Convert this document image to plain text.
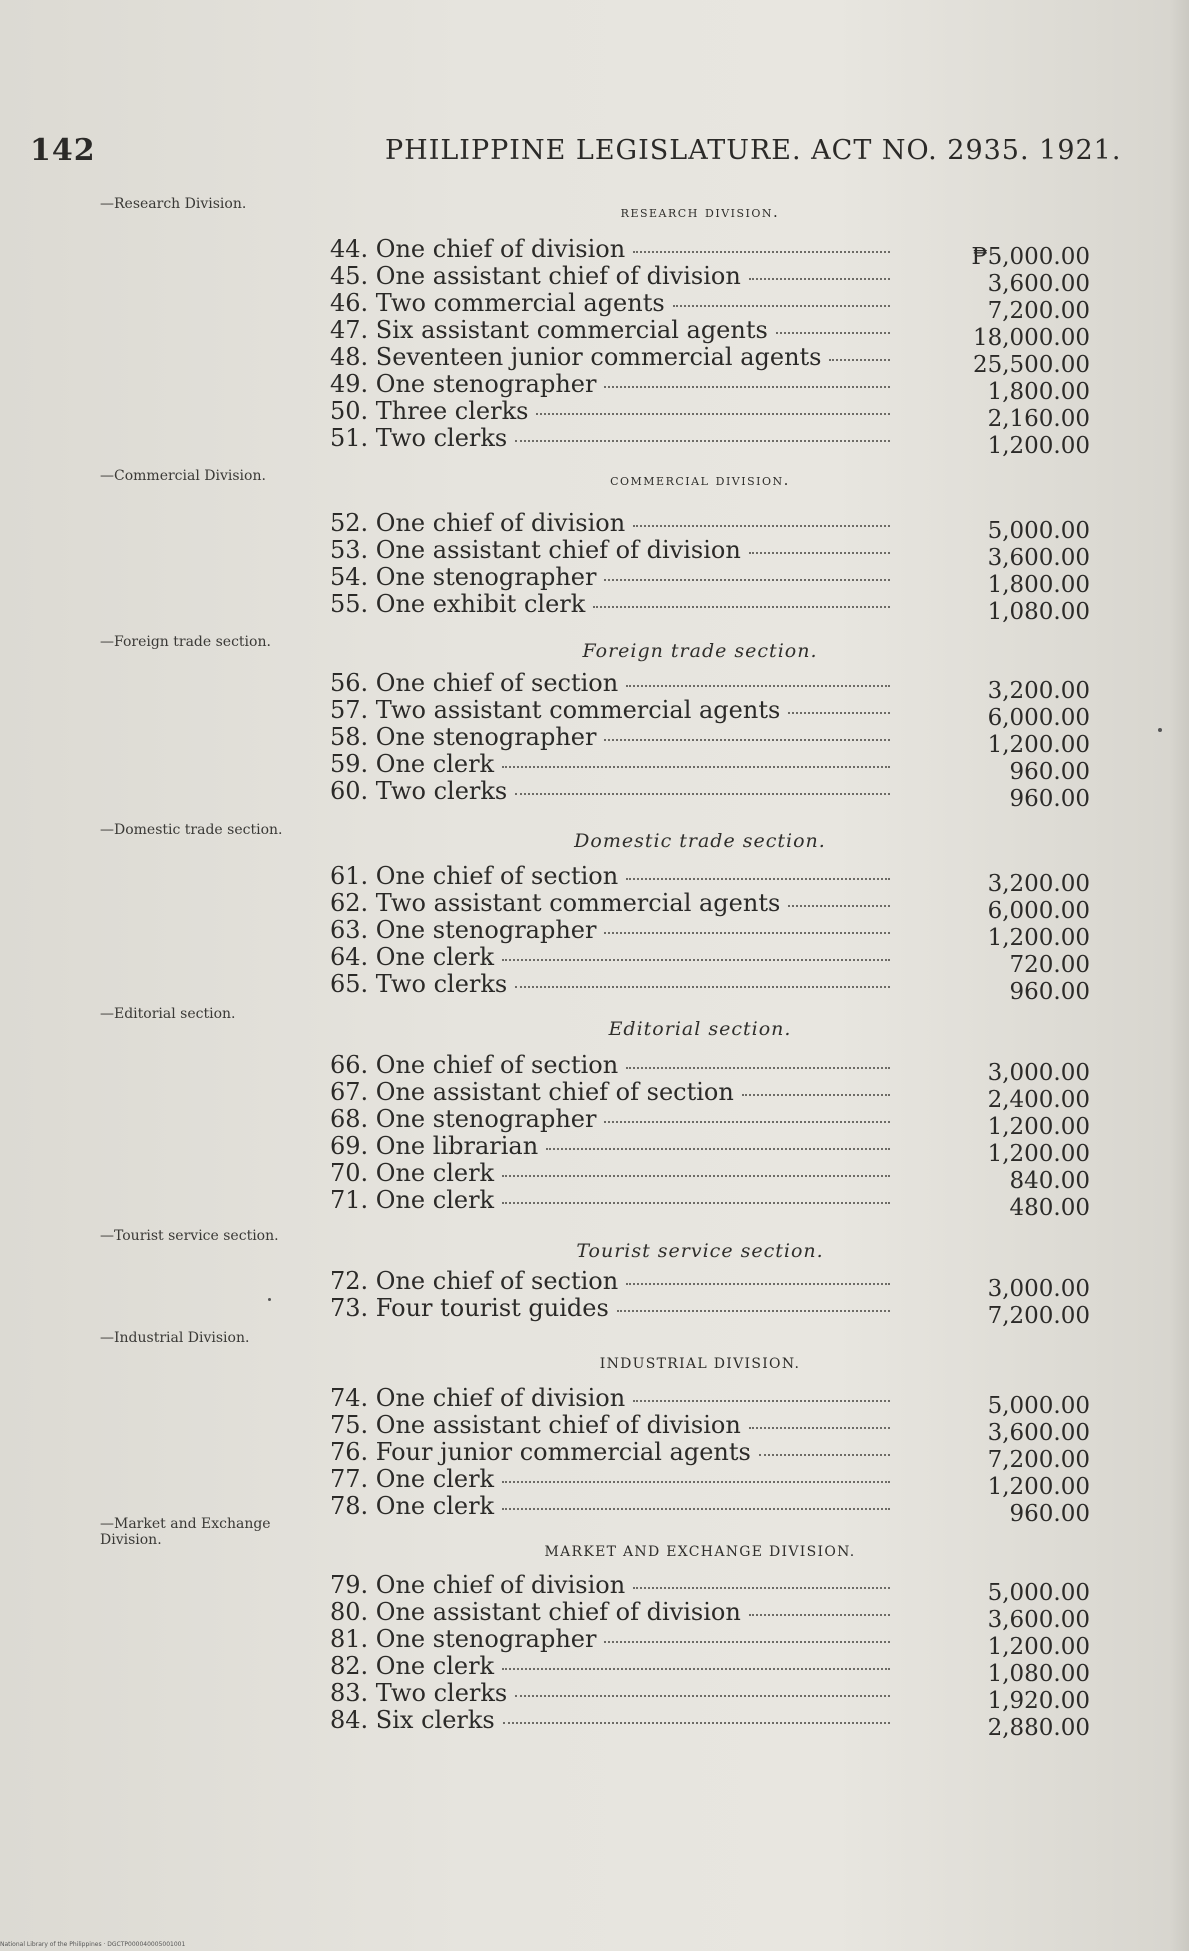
142	PHILIPPINE LEGISLATURE. ACT NO. 2935. 1921.
—Research Division.	research division.
44. One chief of division	₱5,000.00
45. One assistant chief of division	3,600.00
46. Two commercial agents	7,200.00
47. Six assistant commercial agents	18,000.00
48. Seventeen junior commercial agents	25,500.00
49. One stenographer	1,800.00
50. Three clerks	2,160.00
51. Two clerks	1,200.00
—Commercial Division.	commercial division.
52. One chief of division	5,000.00
53. One assistant chief of division	3,600.00
54. One stenographer	1,800.00
55. One exhibit clerk	1,080.00
—Foreign trade section.	Foreign trade section.
56. One chief of section	3,200.00
57. Two assistant commercial agents	6,000.00
58. One stenographer	1,200.00
59. One clerk	960.00
60. Two clerks	960.00
—Domestic trade section.	Domestic trade section.
61. One chief of section	3,200.00
62. Two assistant commercial agents	6,000.00
63. One stenographer	1,200.00
64. One clerk	720.00
65. Two clerks	960.00
—Editorial section.
Editorial section.
66. One chief of section	3,000.00
67. One assistant chief of section	2,400.00
68. One stenographer	1,200.00
69. One librarian	1,200.00
70. One clerk	840.00
71. One clerk	480.00
—Tourist service section.
Tourist service section.
72. One chief of section	3,000.00
73. Four tourist guides	7,200.00
—Industrial Division.
INDUSTRIAL DIVISION.
74. One chief of division	5,000.00
75. One assistant chief of division	3,600.00
76. Four junior commercial agents	7,200.00
77. One clerk	1,200.00
78. One clerk	960.00
—Market and Exchange Division.
MARKET AND EXCHANGE DIVISION.
79. One chief of division	5,000.00
80. One assistant chief of division	3,600.00
81. One stenographer	1,200.00
82. One clerk	1,080.00
83. Two clerks	1,920.00
84. Six clerks	2,880.00
National Library of the Philippines · DGCTP000040005001001
